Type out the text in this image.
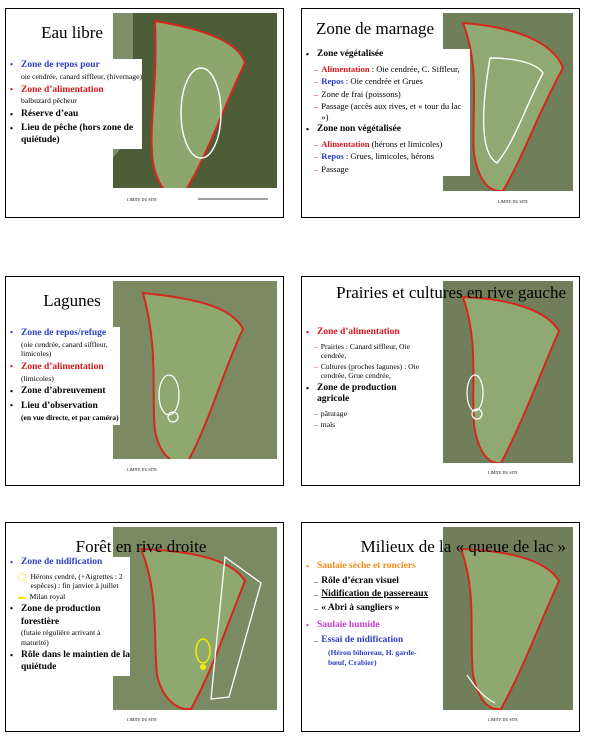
LIMITE DU SITE
Eau libre
• Zone de repos pour
oie cendrée, canard siffleur, (hivernage)
• Zone d’alimentation
balbuzard pêcheur
• Réserve d’eau
• Lieu de pêche (hors zone de quiétude)
LIMITE DU SITE
Zone de marnage
• Zone végétalisée
– Alimentation : Oie cendrée, C. Siffleur,
– Repos : Oie cendrée et Grues
– Zone de frai (poissons)
– Passage (accès aux rives, et « tour du lac »)
• Zone non végétalisée
– Alimentation (hérons et limicoles)
– Repos : Grues, limicoles, hérons
– Passage
LIMITE DU SITE
Lagunes
• Zone de repos/refuge
(oie cendrée, canard siffleur, limicoles)
• Zone d’alimentation
(limicoles)
• Zone d’abreuvement
• Lieu d’observation
(en vue directe, et par caméra)
LIMITE DU SITE
Prairies et cultures en rive gauche
• Zone d’alimentation
– Prairies : Canard siffleur, Oie cendrée,
– Cultures (proches lagunes) : Oie cendrée, Grue cendrée,
• Zone de production agricole
– pâturage
– maïs
LIMITE DU SITE
Forêt en rive droite
• Zone de nidification
◯ Hérons cendré, (+Aigrettes : 2 espèces) : fin janvier à juillet
▬ Milan royal
• Zone de production forestière
(futaie régulière arrivant à maturité)
• Rôle dans le maintien de la quiétude
LIMITE DU SITE
Milieux de la « queue de lac »
• Saulaie sèche et ronciers
– Rôle d’écran visuel
– Nidification de passereaux
– « Abri à sangliers »
• Saulaie humide
– Essai de nidification
(Héron bihoreau, H. garde-bœuf, Crabier)
